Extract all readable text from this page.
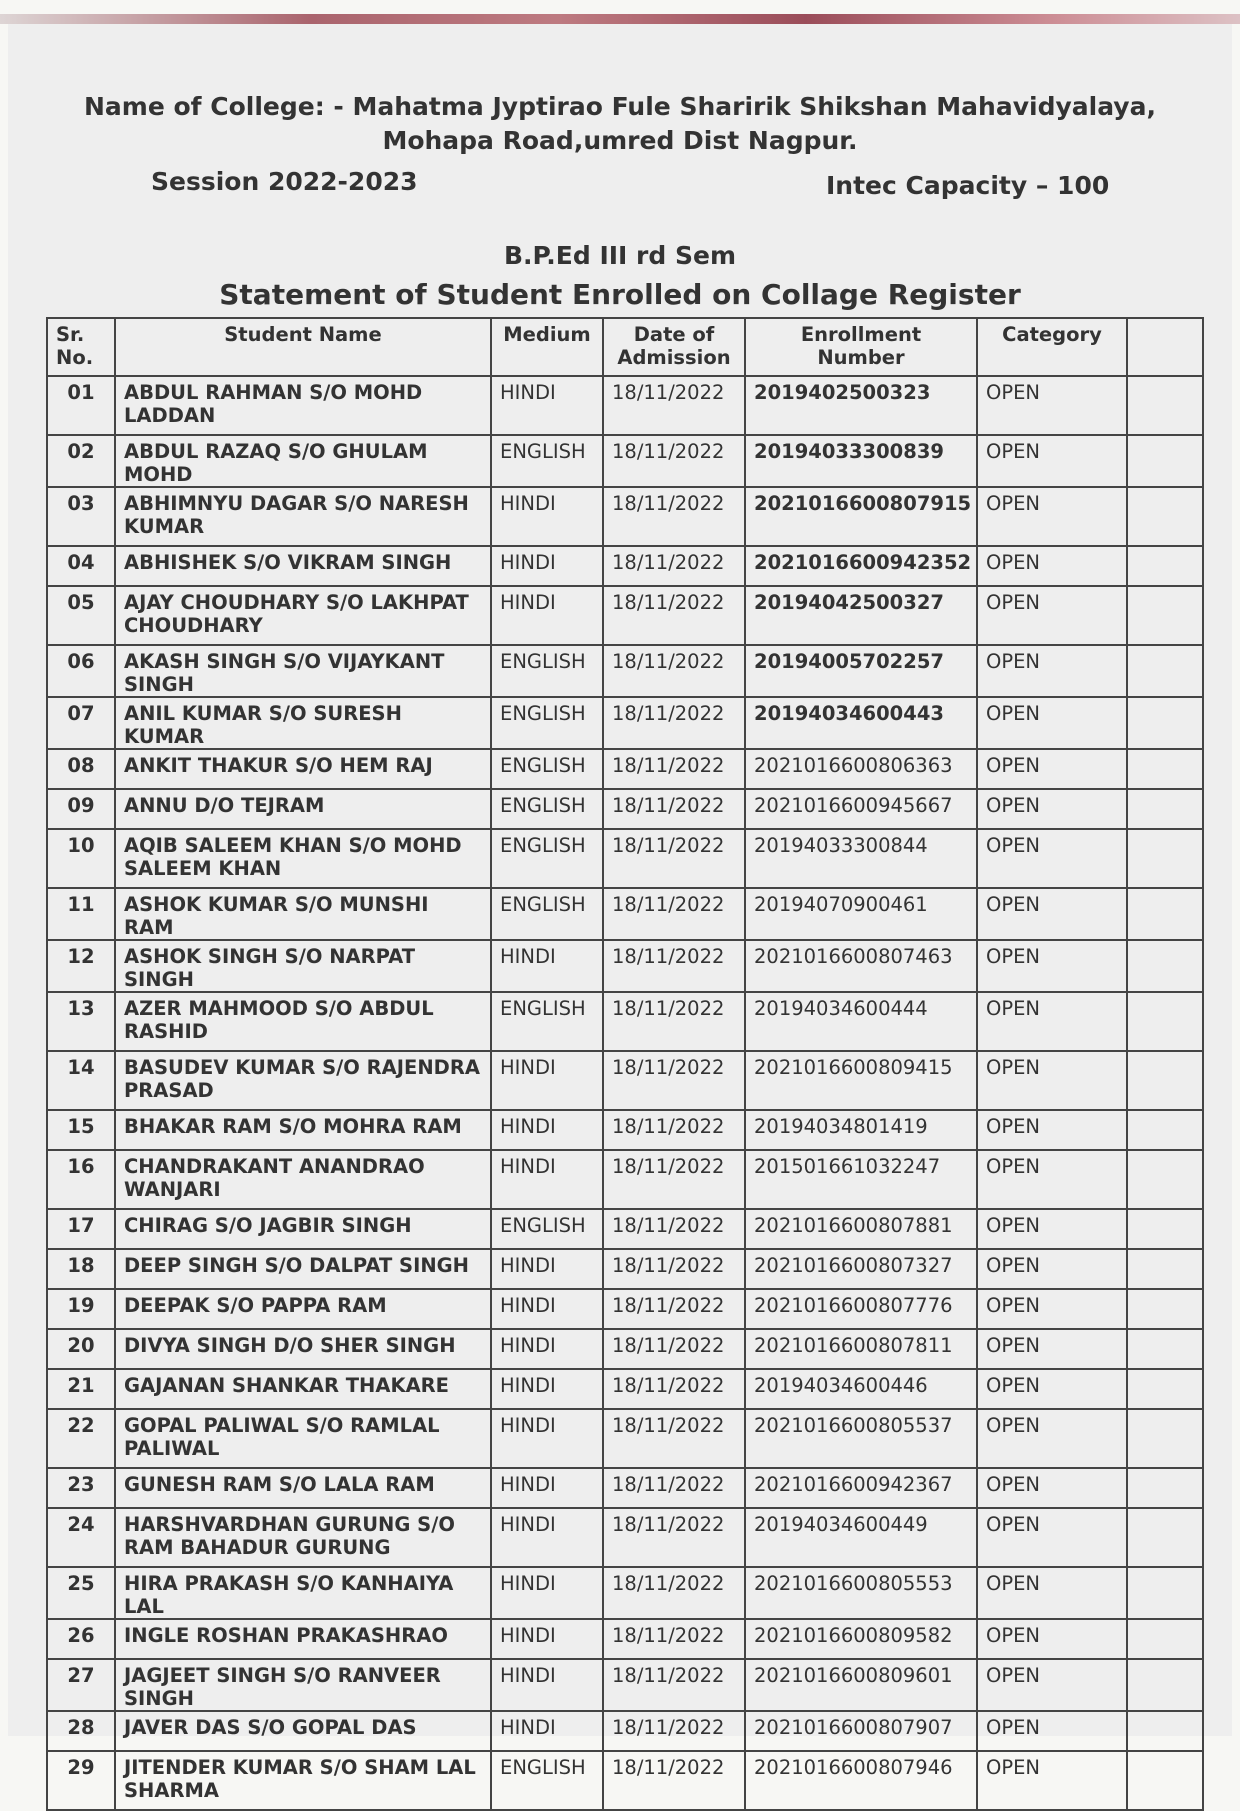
Name of College: - Mahatma Jyptirao Fule Sharirik Shikshan Mahavidyalaya,
Mohapa Road,umred Dist Nagpur.
Session 2022-2023	Intec Capacity – 100
B.P.Ed III rd Sem
Statement of Student Enrolled on Collage Register
Sr. No.	Student Name	Medium	Date of Admission	Enrollment Number	Category	
01	ABDUL RAHMAN S/O MOHD LADDAN	HINDI	18/11/2022	2019402500323	OPEN	
02	ABDUL RAZAQ S/O GHULAM MOHD	ENGLISH	18/11/2022	20194033300839	OPEN	
03	ABHIMNYU DAGAR S/O NARESH KUMAR	HINDI	18/11/2022	2021016600807915	OPEN	
04	ABHISHEK S/O VIKRAM SINGH	HINDI	18/11/2022	2021016600942352	OPEN	
05	AJAY CHOUDHARY S/O LAKHPAT CHOUDHARY	HINDI	18/11/2022	20194042500327	OPEN	
06	AKASH SINGH S/O VIJAYKANT SINGH	ENGLISH	18/11/2022	20194005702257	OPEN	
07	ANIL KUMAR S/O SURESH KUMAR	ENGLISH	18/11/2022	20194034600443	OPEN	
08	ANKIT THAKUR S/O HEM RAJ	ENGLISH	18/11/2022	2021016600806363	OPEN	
09	ANNU D/O TEJRAM	ENGLISH	18/11/2022	2021016600945667	OPEN	
10	AQIB SALEEM KHAN S/O MOHD SALEEM KHAN	ENGLISH	18/11/2022	20194033300844	OPEN	
11	ASHOK KUMAR S/O MUNSHI RAM	ENGLISH	18/11/2022	20194070900461	OPEN	
12	ASHOK SINGH S/O NARPAT SINGH	HINDI	18/11/2022	2021016600807463	OPEN	
13	AZER MAHMOOD S/O ABDUL RASHID	ENGLISH	18/11/2022	20194034600444	OPEN	
14	BASUDEV KUMAR S/O RAJENDRA PRASAD	HINDI	18/11/2022	2021016600809415	OPEN	
15	BHAKAR RAM S/O MOHRA RAM	HINDI	18/11/2022	20194034801419	OPEN	
16	CHANDRAKANT ANANDRAO WANJARI	HINDI	18/11/2022	201501661032247	OPEN	
17	CHIRAG S/O JAGBIR SINGH	ENGLISH	18/11/2022	2021016600807881	OPEN	
18	DEEP SINGH S/O DALPAT SINGH	HINDI	18/11/2022	2021016600807327	OPEN	
19	DEEPAK S/O PAPPA RAM	HINDI	18/11/2022	2021016600807776	OPEN	
20	DIVYA SINGH D/O SHER SINGH	HINDI	18/11/2022	2021016600807811	OPEN	
21	GAJANAN SHANKAR THAKARE	HINDI	18/11/2022	20194034600446	OPEN	
22	GOPAL PALIWAL S/O RAMLAL PALIWAL	HINDI	18/11/2022	2021016600805537	OPEN	
23	GUNESH RAM S/O LALA RAM	HINDI	18/11/2022	2021016600942367	OPEN	
24	HARSHVARDHAN GURUNG S/O RAM BAHADUR GURUNG	HINDI	18/11/2022	20194034600449	OPEN	
25	HIRA PRAKASH S/O KANHAIYA LAL	HINDI	18/11/2022	2021016600805553	OPEN	
26	INGLE ROSHAN PRAKASHRAO	HINDI	18/11/2022	2021016600809582	OPEN	
27	JAGJEET SINGH S/O RANVEER SINGH	HINDI	18/11/2022	2021016600809601	OPEN	
28	JAVER DAS S/O GOPAL DAS	HINDI	18/11/2022	2021016600807907	OPEN	
29	JITENDER KUMAR S/O SHAM LAL SHARMA	ENGLISH	18/11/2022	2021016600807946	OPEN	
